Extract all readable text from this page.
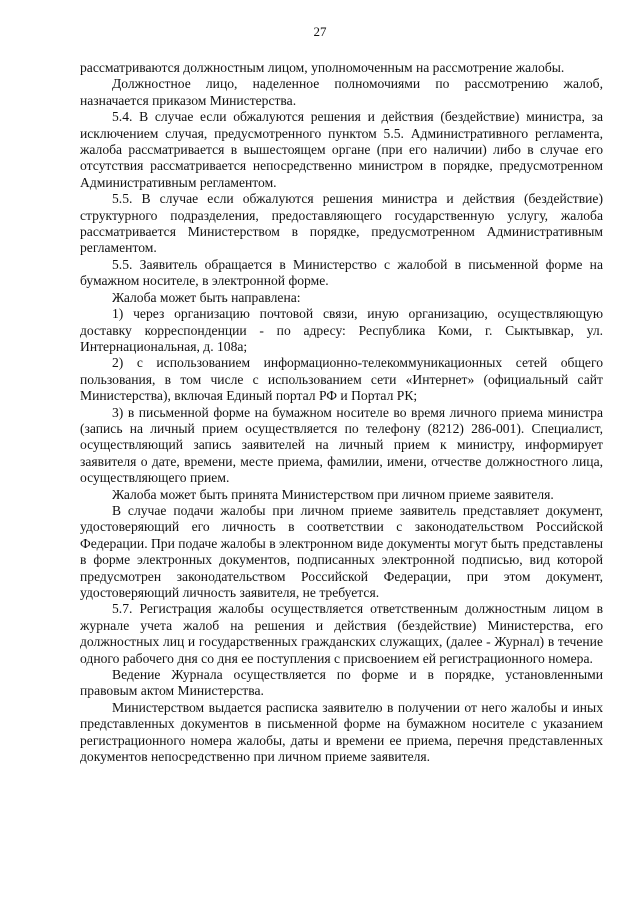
27

рассматриваются должностным лицом, уполномоченным на рассмотрение жалобы.

Должностное лицо, наделенное полномочиями по рассмотрению жалоб, назначается приказом Министерства.

5.4. В случае если обжалуются решения и действия (бездействие) министра, за исключением случая, предусмотренного пунктом 5.5. Административного регламента, жалоба рассматривается в вышестоящем органе (при его наличии) либо в случае его отсутствия рассматривается непосредственно министром в порядке, предусмотренном Административным регламентом.

5.5. В случае если обжалуются решения министра и действия (бездействие) структурного подразделения, предоставляющего государственную услугу, жалоба рассматривается Министерством в порядке, предусмотренном Административным регламентом.

5.5. Заявитель обращается в Министерство с жалобой в письменной форме на бумажном носителе, в электронной форме.

Жалоба может быть направлена:

1) через организацию почтовой связи, иную организацию, осуществляющую доставку корреспонденции - по адресу: Республика Коми, г. Сыктывкар, ул. Интернациональная, д. 108а;

2) с использованием информационно-телекоммуникационных сетей общего пользования, в том числе с использованием сети «Интернет» (официальный сайт Министерства), включая Единый портал РФ и Портал РК;

3) в письменной форме на бумажном носителе во время личного приема министра (запись на личный прием осуществляется по телефону (8212) 286-001). Специалист, осуществляющий запись заявителей на личный прием к министру, информирует заявителя о дате, времени, месте приема, фамилии, имени, отчестве должностного лица, осуществляющего прием.

Жалоба может быть принята Министерством при личном приеме заявителя.

В случае подачи жалобы при личном приеме заявитель представляет документ, удостоверяющий его личность в соответствии с законодательством Российской Федерации. При подаче жалобы в электронном виде документы могут быть представлены в форме электронных документов, подписанных электронной подписью, вид которой предусмотрен законодательством Российской Федерации, при этом документ, удостоверяющий личность заявителя, не требуется.

5.7. Регистрация жалобы осуществляется ответственным должностным лицом в журнале учета жалоб на решения и действия (бездействие) Министерства, его должностных лиц и государственных гражданских служащих, (далее - Журнал) в течение одного рабочего дня со дня ее поступления с присвоением ей регистрационного номера.

Ведение Журнала осуществляется по форме и в порядке, установленными правовым актом Министерства.

Министерством выдается расписка заявителю в получении от него жалобы и иных представленных документов в письменной форме на бумажном носителе с указанием регистрационного номера жалобы, даты и времени ее приема, перечня представленных документов непосредственно при личном приеме заявителя.
